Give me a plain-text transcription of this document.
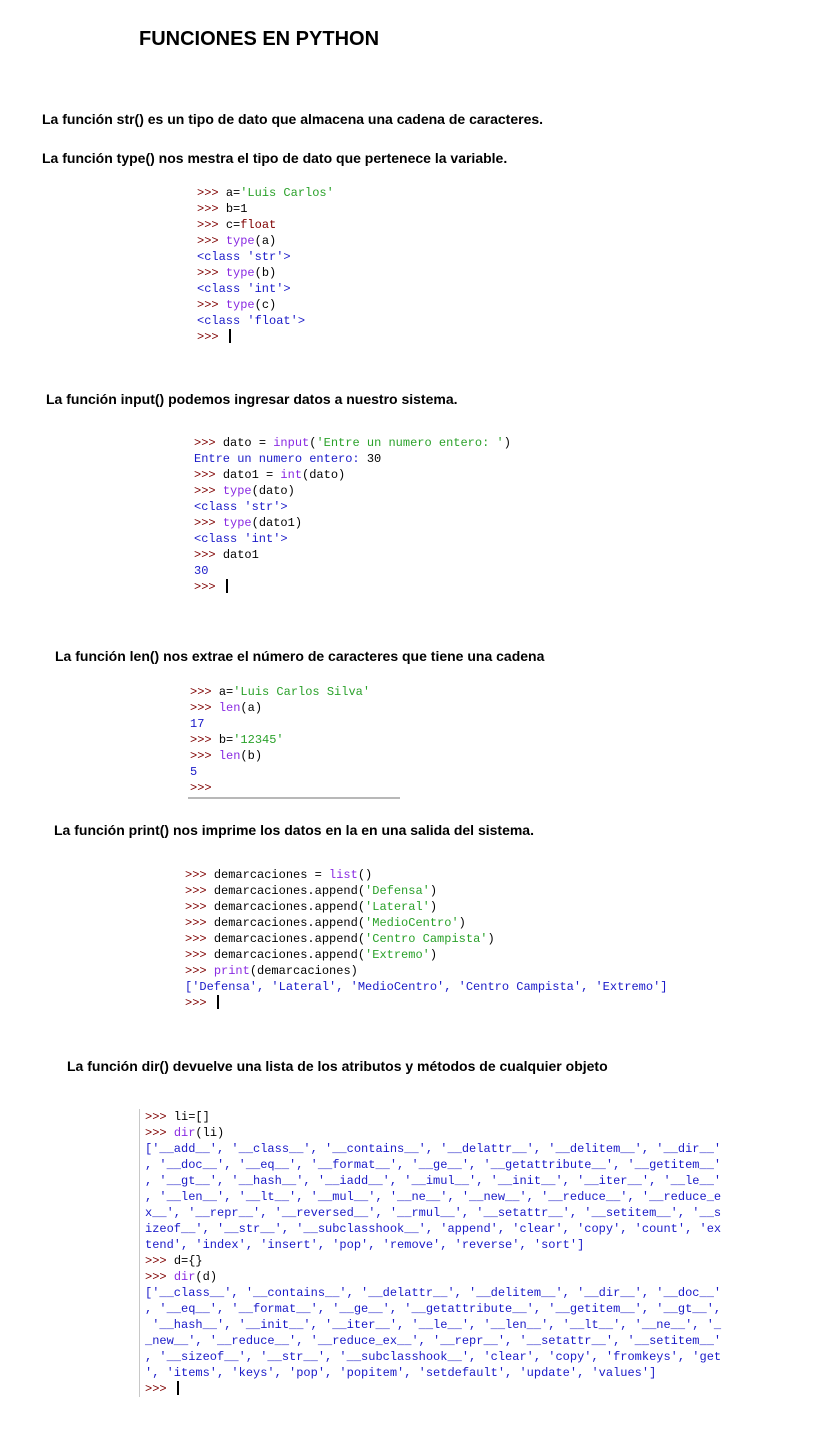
FUNCIONES EN PYTHON

La función str() es un tipo de dato que almacena una cadena de caracteres.

La función type() nos mestra el tipo de dato que pertenece la variable.

>>> a='Luis Carlos'
>>> b=1
>>> c=float
>>> type(a)
<class 'str'>
>>> type(b)
<class 'int'>
>>> type(c)
<class 'float'>
>>>

La función input() podemos ingresar datos a nuestro sistema.

>>> dato = input('Entre un numero entero: ')
Entre un numero entero: 30
>>> dato1 = int(dato)
>>> type(dato)
<class 'str'>
>>> type(dato1)
<class 'int'>
>>> dato1
30
>>>

La función len() nos extrae el número de caracteres que tiene una cadena

>>> a='Luis Carlos Silva'
>>> len(a)
17
>>> b='12345'
>>> len(b)
5
>>>

La función print() nos imprime los datos en la en una salida del sistema.

>>> demarcaciones = list()
>>> demarcaciones.append('Defensa')
>>> demarcaciones.append('Lateral')
>>> demarcaciones.append('MedioCentro')
>>> demarcaciones.append('Centro Campista')
>>> demarcaciones.append('Extremo')
>>> print(demarcaciones)
['Defensa', 'Lateral', 'MedioCentro', 'Centro Campista', 'Extremo']
>>>

La función dir() devuelve una lista de los atributos y métodos de cualquier objeto

>>> li=[]
>>> dir(li)
['__add__', '__class__', '__contains__', '__delattr__', '__delitem__', '__dir__'
, '__doc__', '__eq__', '__format__', '__ge__', '__getattribute__', '__getitem__'
, '__gt__', '__hash__', '__iadd__', '__imul__', '__init__', '__iter__', '__le__'
, '__len__', '__lt__', '__mul__', '__ne__', '__new__', '__reduce__', '__reduce_e
x__', '__repr__', '__reversed__', '__rmul__', '__setattr__', '__setitem__', '__s
izeof__', '__str__', '__subclasshook__', 'append', 'clear', 'copy', 'count', 'ex
tend', 'index', 'insert', 'pop', 'remove', 'reverse', 'sort']
>>> d={}
>>> dir(d)
['__class__', '__contains__', '__delattr__', '__delitem__', '__dir__', '__doc__'
, '__eq__', '__format__', '__ge__', '__getattribute__', '__getitem__', '__gt__',
'__hash__', '__init__', '__iter__', '__le__', '__len__', '__lt__', '__ne__', '_
_new__', '__reduce__', '__reduce_ex__', '__repr__', '__setattr__', '__setitem__'
, '__sizeof__', '__str__', '__subclasshook__', 'clear', 'copy', 'fromkeys', 'get
', 'items', 'keys', 'pop', 'popitem', 'setdefault', 'update', 'values']
>>>
